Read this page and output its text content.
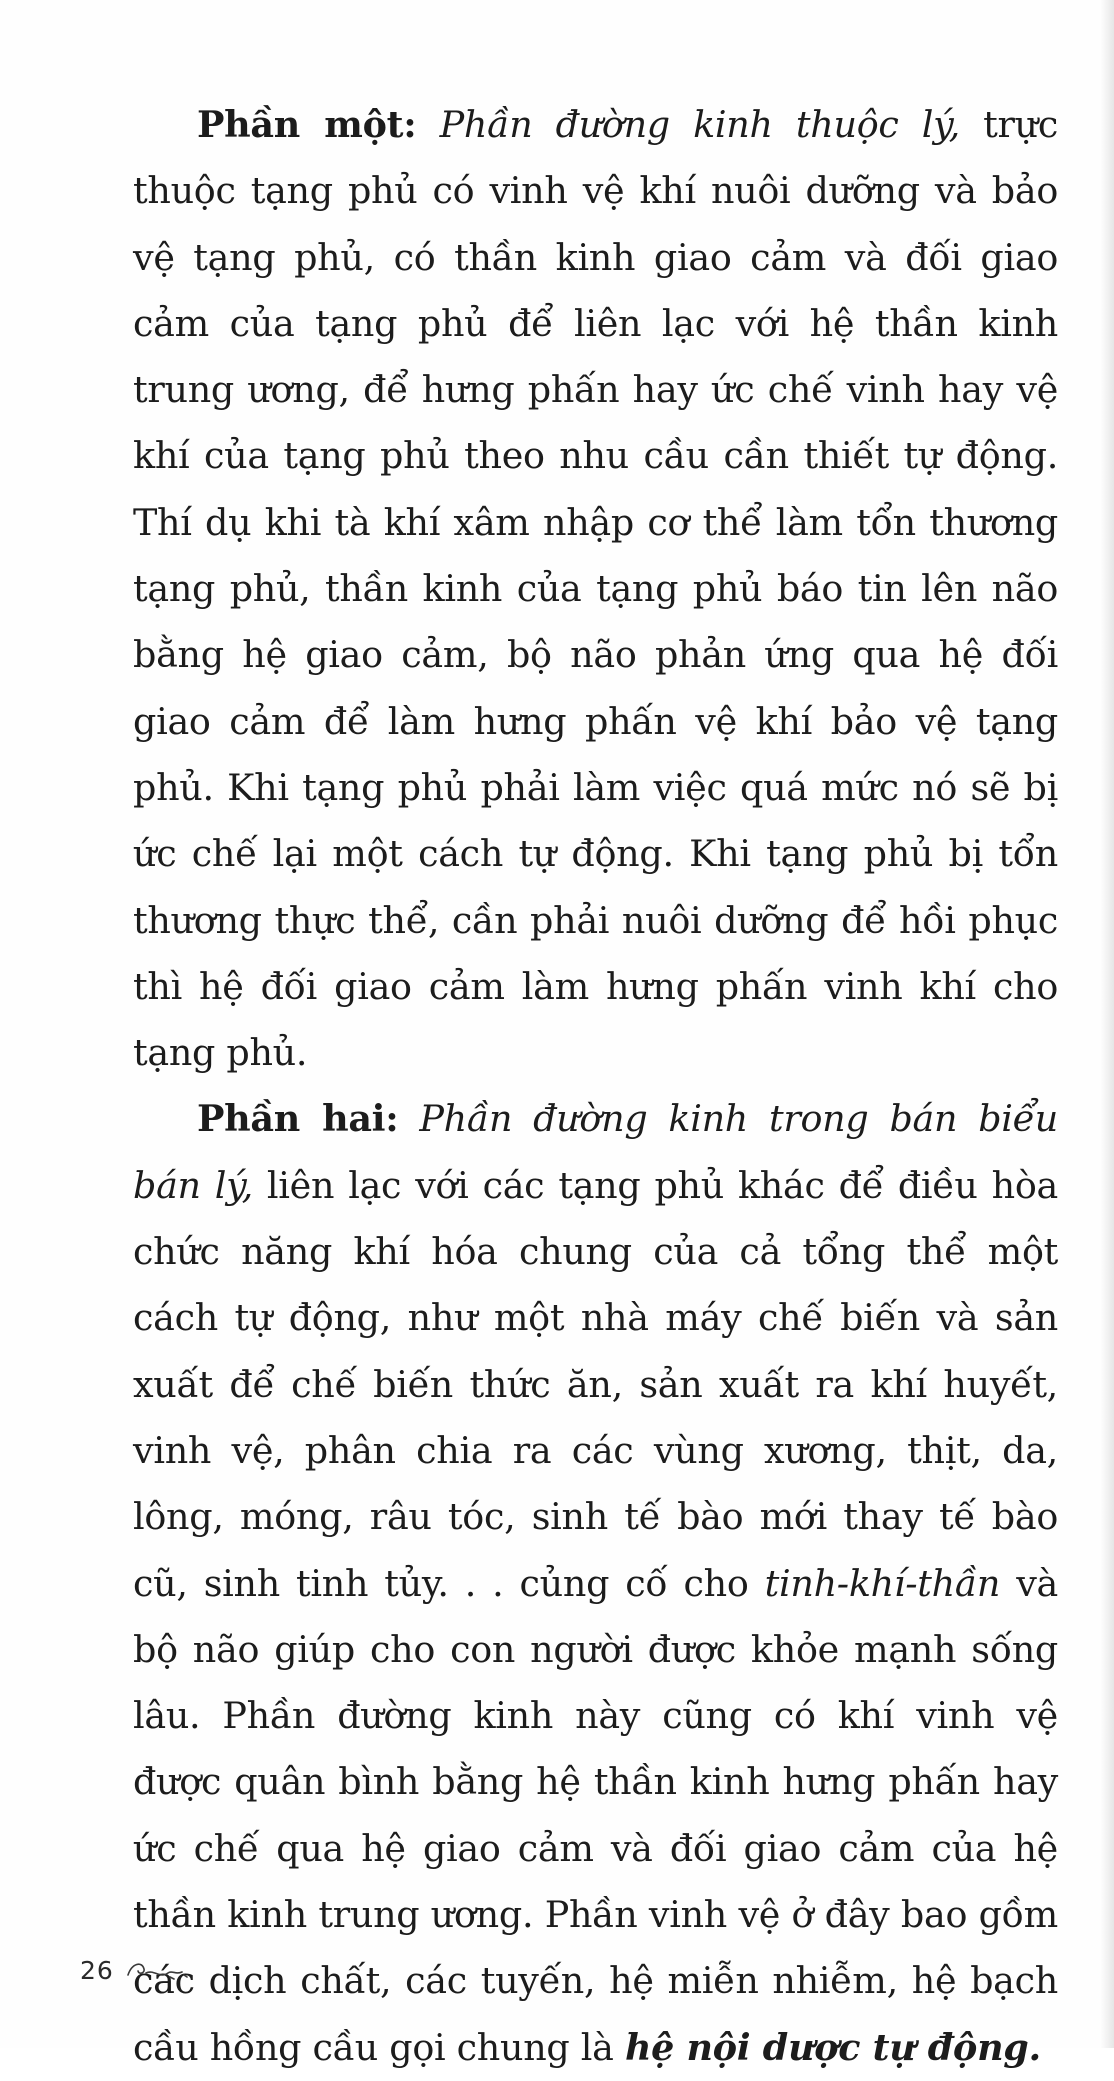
Phần một: Phần đường kinh thuộc lý, trực thuộc tạng phủ có vinh vệ khí nuôi dưỡng và bảo vệ tạng phủ, có thần kinh giao cảm và đối giao cảm của tạng phủ để liên lạc với hệ thần kinh trung ương, để hưng phấn hay ức chế vinh hay vệ khí của tạng phủ theo nhu cầu cần thiết tự động. Thí dụ khi tà khí xâm nhập cơ thể làm tổn thương tạng phủ, thần kinh của tạng phủ báo tin lên não bằng hệ giao cảm, bộ não phản ứng qua hệ đối giao cảm để làm hưng phấn vệ khí bảo vệ tạng phủ. Khi tạng phủ phải làm việc quá mức nó sẽ bị ức chế lại một cách tự động. Khi tạng phủ bị tổn thương thực thể, cần phải nuôi dưỡng để hồi phục thì hệ đối giao cảm làm hưng phấn vinh khí cho tạng phủ.

Phần hai: Phần đường kinh trong bán biểu bán lý, liên lạc với các tạng phủ khác để điều hòa chức năng khí hóa chung của cả tổng thể một cách tự động, như một nhà máy chế biến và sản xuất để chế biến thức ăn, sản xuất ra khí huyết, vinh vệ, phân chia ra các vùng xương, thịt, da, lông, móng, râu tóc, sinh tế bào mới thay tế bào cũ, sinh tinh tủy. . . củng cố cho tinh-khí-thần và bộ não giúp cho con người được khỏe mạnh sống lâu. Phần đường kinh này cũng có khí vinh vệ được quân bình bằng hệ thần kinh hưng phấn hay ức chế qua hệ giao cảm và đối giao cảm của hệ thần kinh trung ương. Phần vinh vệ ở đây bao gồm các dịch chất, các tuyến, hệ miễn nhiễm, hệ bạch cầu hồng cầu gọi chung là hệ nội dược tự động.

26
